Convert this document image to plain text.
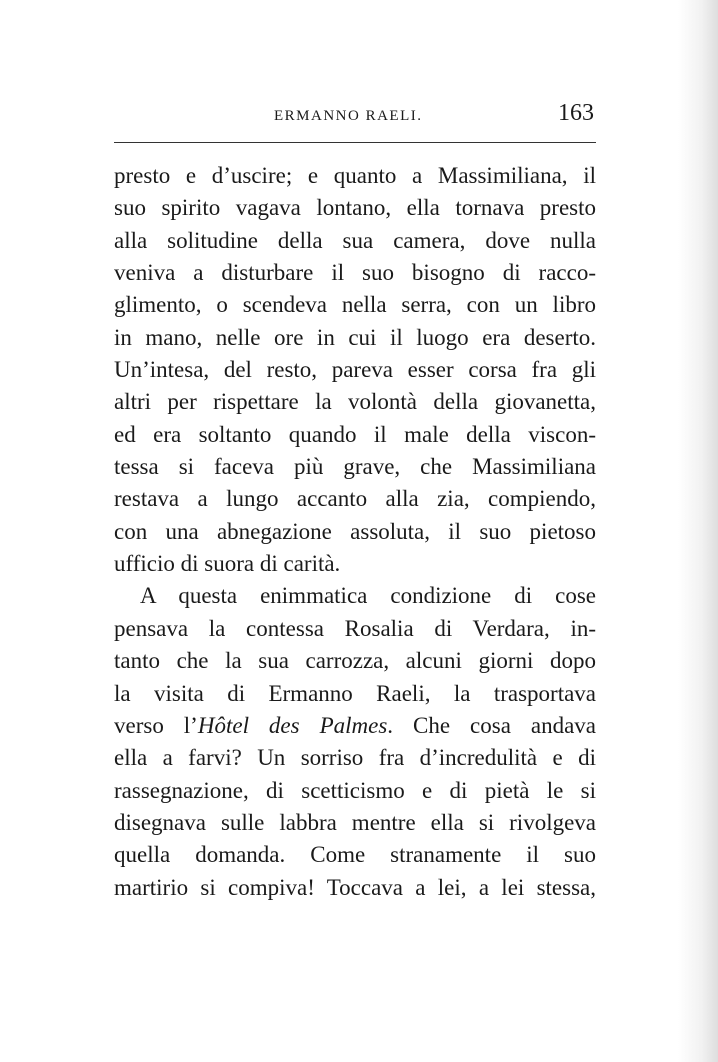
ERMANNO RAELI.	163
presto e d’uscire; e quanto a Massimiliana, il
suo spirito vagava lontano, ella tornava presto
alla solitudine della sua camera, dove nulla
veniva a disturbare il suo bisogno di racco-
glimento, o scendeva nella serra, con un libro
in mano, nelle ore in cui il luogo era deserto.
Un’intesa, del resto, pareva esser corsa fra gli
altri per rispettare la volontà della giovanetta,
ed era soltanto quando il male della viscon-
tessa si faceva più grave, che Massimiliana
restava a lungo accanto alla zia, compiendo,
con una abnegazione assoluta, il suo pietoso
ufficio di suora di carità.
A questa enimmatica condizione di cose
pensava la contessa Rosalia di Verdara, in-
tanto che la sua carrozza, alcuni giorni dopo
la visita di Ermanno Raeli, la trasportava
verso l’Hôtel des Palmes. Che cosa andava
ella a farvi? Un sorriso fra d’incredulità e di
rassegnazione, di scetticismo e di pietà le si
disegnava sulle labbra mentre ella si rivolgeva
quella domanda. Come stranamente il suo
martirio si compiva! Toccava a lei, a lei stessa,
